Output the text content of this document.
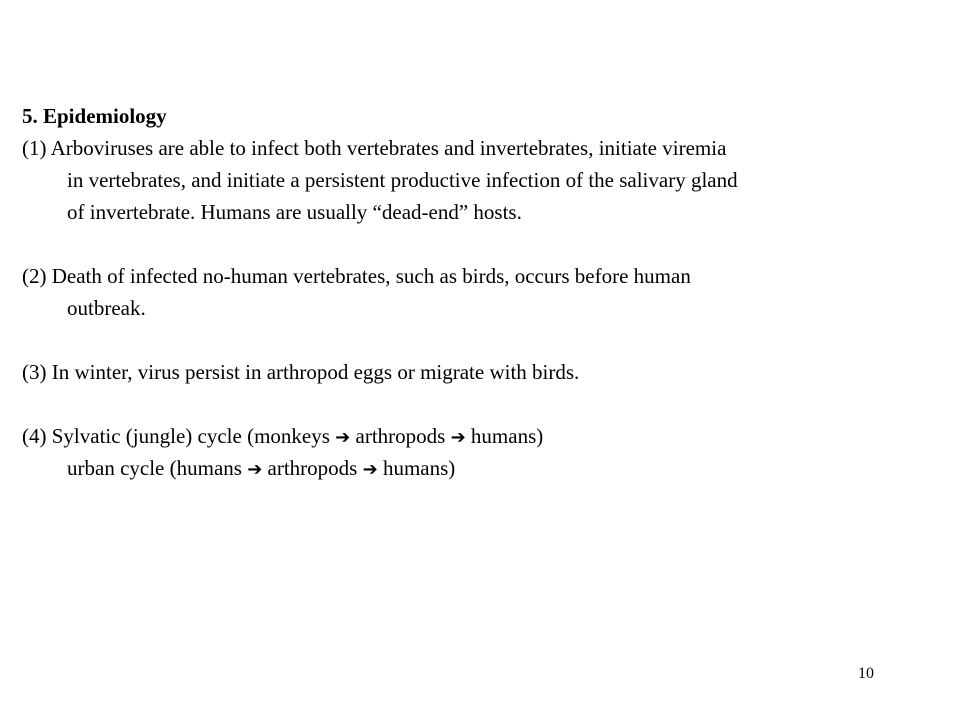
5. Epidemiology

(1) Arboviruses are able to infect both vertebrates and invertebrates, initiate viremia
in vertebrates, and initiate a persistent productive infection of the salivary gland
of invertebrate. Humans are usually “dead-end” hosts.
(2) Death of infected no-human vertebrates, such as birds, occurs before human
outbreak.
(3) In winter, virus persist in arthropod eggs or migrate with birds.
(4) Sylvatic (jungle) cycle (monkeys ➔ arthropods ➔ humans)
urban cycle (humans ➔ arthropods ➔ humans)
10
